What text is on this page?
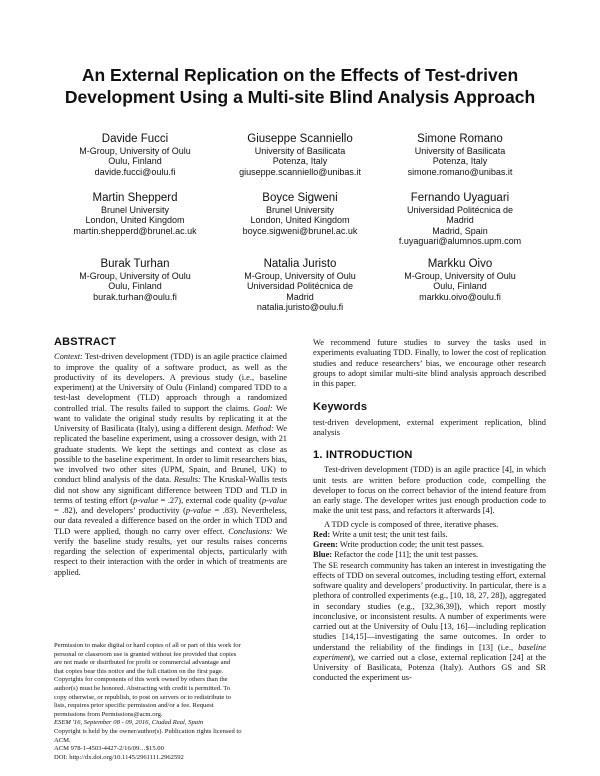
An External Replication on the Effects of Test-driven Development Using a Multi-site Blind Analysis Approach
Davide Fucci
M-Group, University of Oulu
Oulu, Finland
davide.fucci@oulu.fi
Giuseppe Scanniello
University of Basilicata
Potenza, Italy
giuseppe.scanniello@unibas.it
Simone Romano
University of Basilicata
Potenza, Italy
simone.romano@unibas.it
Martin Shepperd
Brunel University
London, United Kingdom
martin.shepperd@brunel.ac.uk
Boyce Sigweni
Brunel University
London, United Kingdom
boyce.sigweni@brunel.ac.uk
Fernando Uyaguari
Universidad Politécnica de
Madrid
Madrid, Spain
f.uyaguari@alumnos.upm.com
Burak Turhan
M-Group, University of Oulu
Oulu, Finland
burak.turhan@oulu.fi
Natalia Juristo
M-Group, University of Oulu
Universidad Politécnica de
Madrid
natalia.juristo@oulu.fi
Markku Oivo
M-Group, University of Oulu
Oulu, Finland
markku.oivo@oulu.fi
ABSTRACT

Context: Test-driven development (TDD) is an agile practice claimed to improve the quality of a software product, as well as the productivity of its developers. A previous study (i.e., baseline experiment) at the University of Oulu (Finland) compared TDD to a test-last development (TLD) approach through a randomized controlled trial. The results failed to support the claims. Goal: We want to validate the original study results by replicating it at the University of Basilicata (Italy), using a different design. Method: We replicated the baseline experiment, using a crossover design, with 21 graduate students. We kept the settings and context as close as possible to the baseline experiment. In order to limit researchers bias, we involved two other sites (UPM, Spain, and Brunel, UK) to conduct blind analysis of the data. Results: The Kruskal-Wallis tests did not show any significant difference between TDD and TLD in terms of testing effort (p-value = .27), external code quality (p-value = .82), and developers’ productivity (p-value = .83). Nevertheless, our data revealed a difference based on the order in which TDD and TLD were applied, though no carry over effect. Conclusions: We verify the baseline study results, yet our results raises concerns regarding the selection of experimental objects, particularly with respect to their interaction with the order in which of treatments are applied.

Permission to make digital or hard copies of all or part of this work for

personal or classroom use is granted without fee provided that copies

are not made or distributed for profit or commercial advantage and

that copies bear this notice and the full citation on the first page.

Copyrights for components of this work owned by others than the

author(s) must be honored. Abstracting with credit is permitted. To

copy otherwise, or republish, to post on servers or to redistribute to

lists, requires prior specific permission and/or a fee. Request

permissions from Permissions@acm.org.

ESEM '16, September 08 - 09, 2016, Ciudad Real, Spain

Copyright is held by the owner/author(s). Publication rights licensed to

ACM.

ACM 978-1-4503-4427-2/16/09…$15.00

DOI: http://dx.doi.org/10.1145/2961111.2962592

We recommend future studies to survey the tasks used in experiments evaluating TDD. Finally, to lower the cost of replication studies and reduce researchers’ bias, we encourage other research groups to adopt similar multi-site blind analysis approach described in this paper.

Keywords

test-driven development, external experiment replication, blind analysis

1. INTRODUCTION

Test-driven development (TDD) is an agile practice [4], in which unit tests are written before production code, compelling the developer to focus on the correct behavior of the intend feature from an early stage. The developer writes just enough production code to make the unit test pass, and refactors it afterwards [4].

A TDD cycle is composed of three, iterative phases.

Red: Write a unit test; the unit test fails.

Green: Write production code; the unit test passes.

Blue: Refactor the code [11]; the unit test passes.

The SE research community has taken an interest in investigating the effects of TDD on several outcomes, including testing effort, external software quality and developers’ productivity. In particular, there is a plethora of controlled experiments (e.g., [10, 18, 27, 28]), aggregated in secondary studies (e.g., [32,36,39]), which report mostly inconclusive, or inconsistent results. A number of experiments were carried out at the University of Oulu [13, 16]—including replication studies [14,15]—investigating the same outcomes. In order to understand the reliability of the findings in [13] (i.e., baseline experiment), we carried out a close, external replication [24] at the University of Basilicata, Potenza (Italy). Authors GS and SR conducted the experiment us-
